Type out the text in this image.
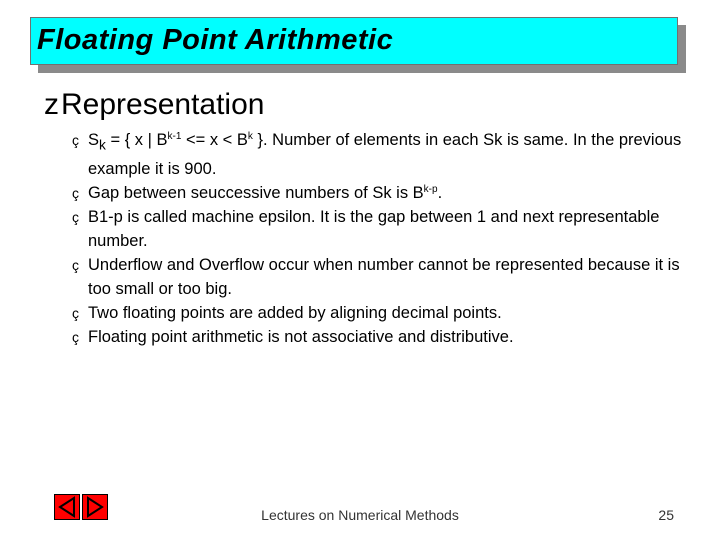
Floating Point Arithmetic
zRepresentation
ç $S_k$ = { x | $B^{k-1} <= x < B^k$ }. Number of elements in each Sk is same. In the previous example it is 900.
ç Gap between seuccessive numbers of Sk is $B^{k-p}$.
ç B1-p is called machine epsilon. It is the gap between 1 and next representable number.
ç Underflow and Overflow occur when number cannot be represented because it is too small or too big.
ç Two floating points are added by aligning decimal points.
ç Floating point arithmetic is not associative and distributive.
Lectures on Numerical Methods	25
